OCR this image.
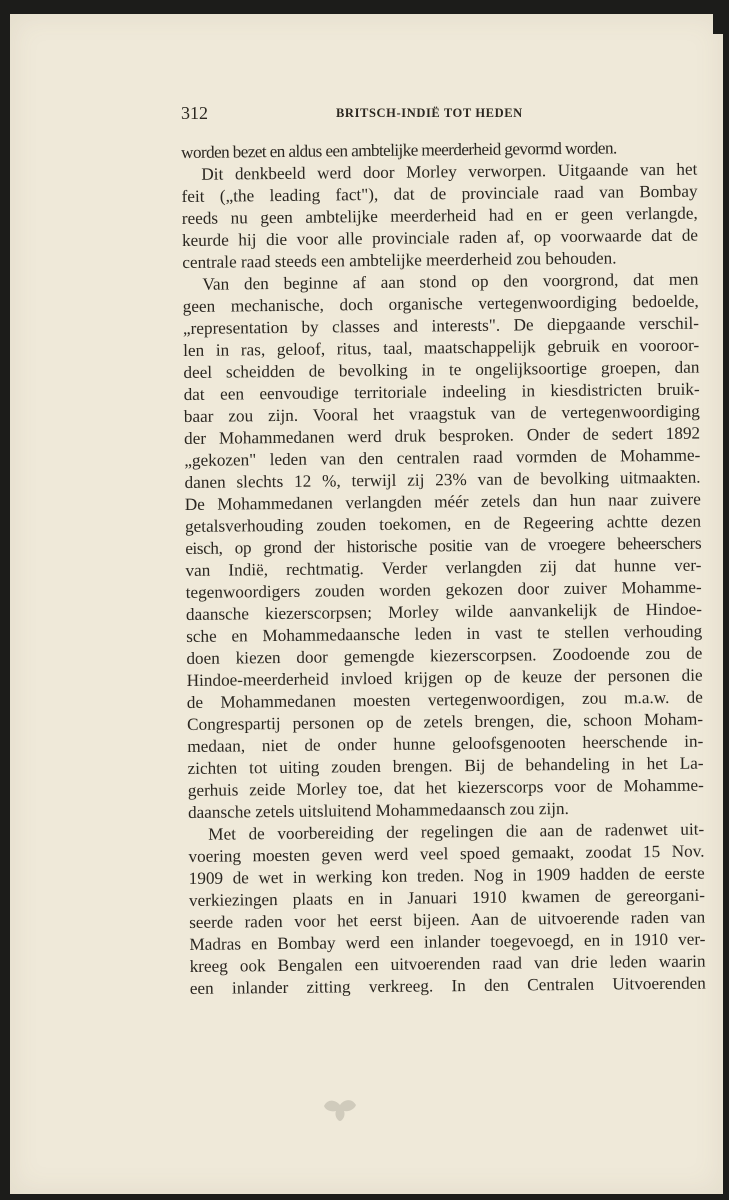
312	BRITSCH-INDIË TOT HEDEN
worden bezet en aldus een ambtelijke meerderheid gevormd worden.
Dit denkbeeld werd door Morley verworpen. Uitgaande van het
feit („the leading fact"), dat de provinciale raad van Bombay
reeds nu geen ambtelijke meerderheid had en er geen verlangde,
keurde hij die voor alle provinciale raden af, op voorwaarde dat de
centrale raad steeds een ambtelijke meerderheid zou behouden.
Van den beginne af aan stond op den voorgrond, dat men
geen mechanische, doch organische vertegenwoordiging bedoelde,
„representation by classes and interests". De diepgaande verschil-
len in ras, geloof, ritus, taal, maatschappelijk gebruik en vooroor-
deel scheidden de bevolking in te ongelijksoortige groepen, dan
dat een eenvoudige territoriale indeeling in kiesdistricten bruik-
baar zou zijn. Vooral het vraagstuk van de vertegenwoordiging
der Mohammedanen werd druk besproken. Onder de sedert 1892
„gekozen" leden van den centralen raad vormden de Mohamme-
danen slechts 12 %, terwijl zij 23% van de bevolking uitmaakten.
De Mohammedanen verlangden méér zetels dan hun naar zuivere
getalsverhouding zouden toekomen, en de Regeering achtte dezen
eisch, op grond der historische positie van de vroegere beheerschers
van Indië, rechtmatig. Verder verlangden zij dat hunne ver-
tegenwoordigers zouden worden gekozen door zuiver Mohamme-
daansche kiezerscorpsen; Morley wilde aanvankelijk de Hindoe-
sche en Mohammedaansche leden in vast te stellen verhouding
doen kiezen door gemengde kiezerscorpsen. Zoodoende zou de
Hindoe-meerderheid invloed krijgen op de keuze der personen die
de Mohammedanen moesten vertegenwoordigen, zou m.a.w. de
Congrespartij personen op de zetels brengen, die, schoon Moham-
medaan, niet de onder hunne geloofsgenooten heerschende in-
zichten tot uiting zouden brengen. Bij de behandeling in het La-
gerhuis zeide Morley toe, dat het kiezerscorps voor de Mohamme-
daansche zetels uitsluitend Mohammedaansch zou zijn.
Met de voorbereiding der regelingen die aan de radenwet uit-
voering moesten geven werd veel spoed gemaakt, zoodat 15 Nov.
1909 de wet in werking kon treden. Nog in 1909 hadden de eerste
verkiezingen plaats en in Januari 1910 kwamen de gereorgani-
seerde raden voor het eerst bijeen. Aan de uitvoerende raden van
Madras en Bombay werd een inlander toegevoegd, en in 1910 ver-
kreeg ook Bengalen een uitvoerenden raad van drie leden waarin
een inlander zitting verkreeg. In den Centralen Uitvoerenden
